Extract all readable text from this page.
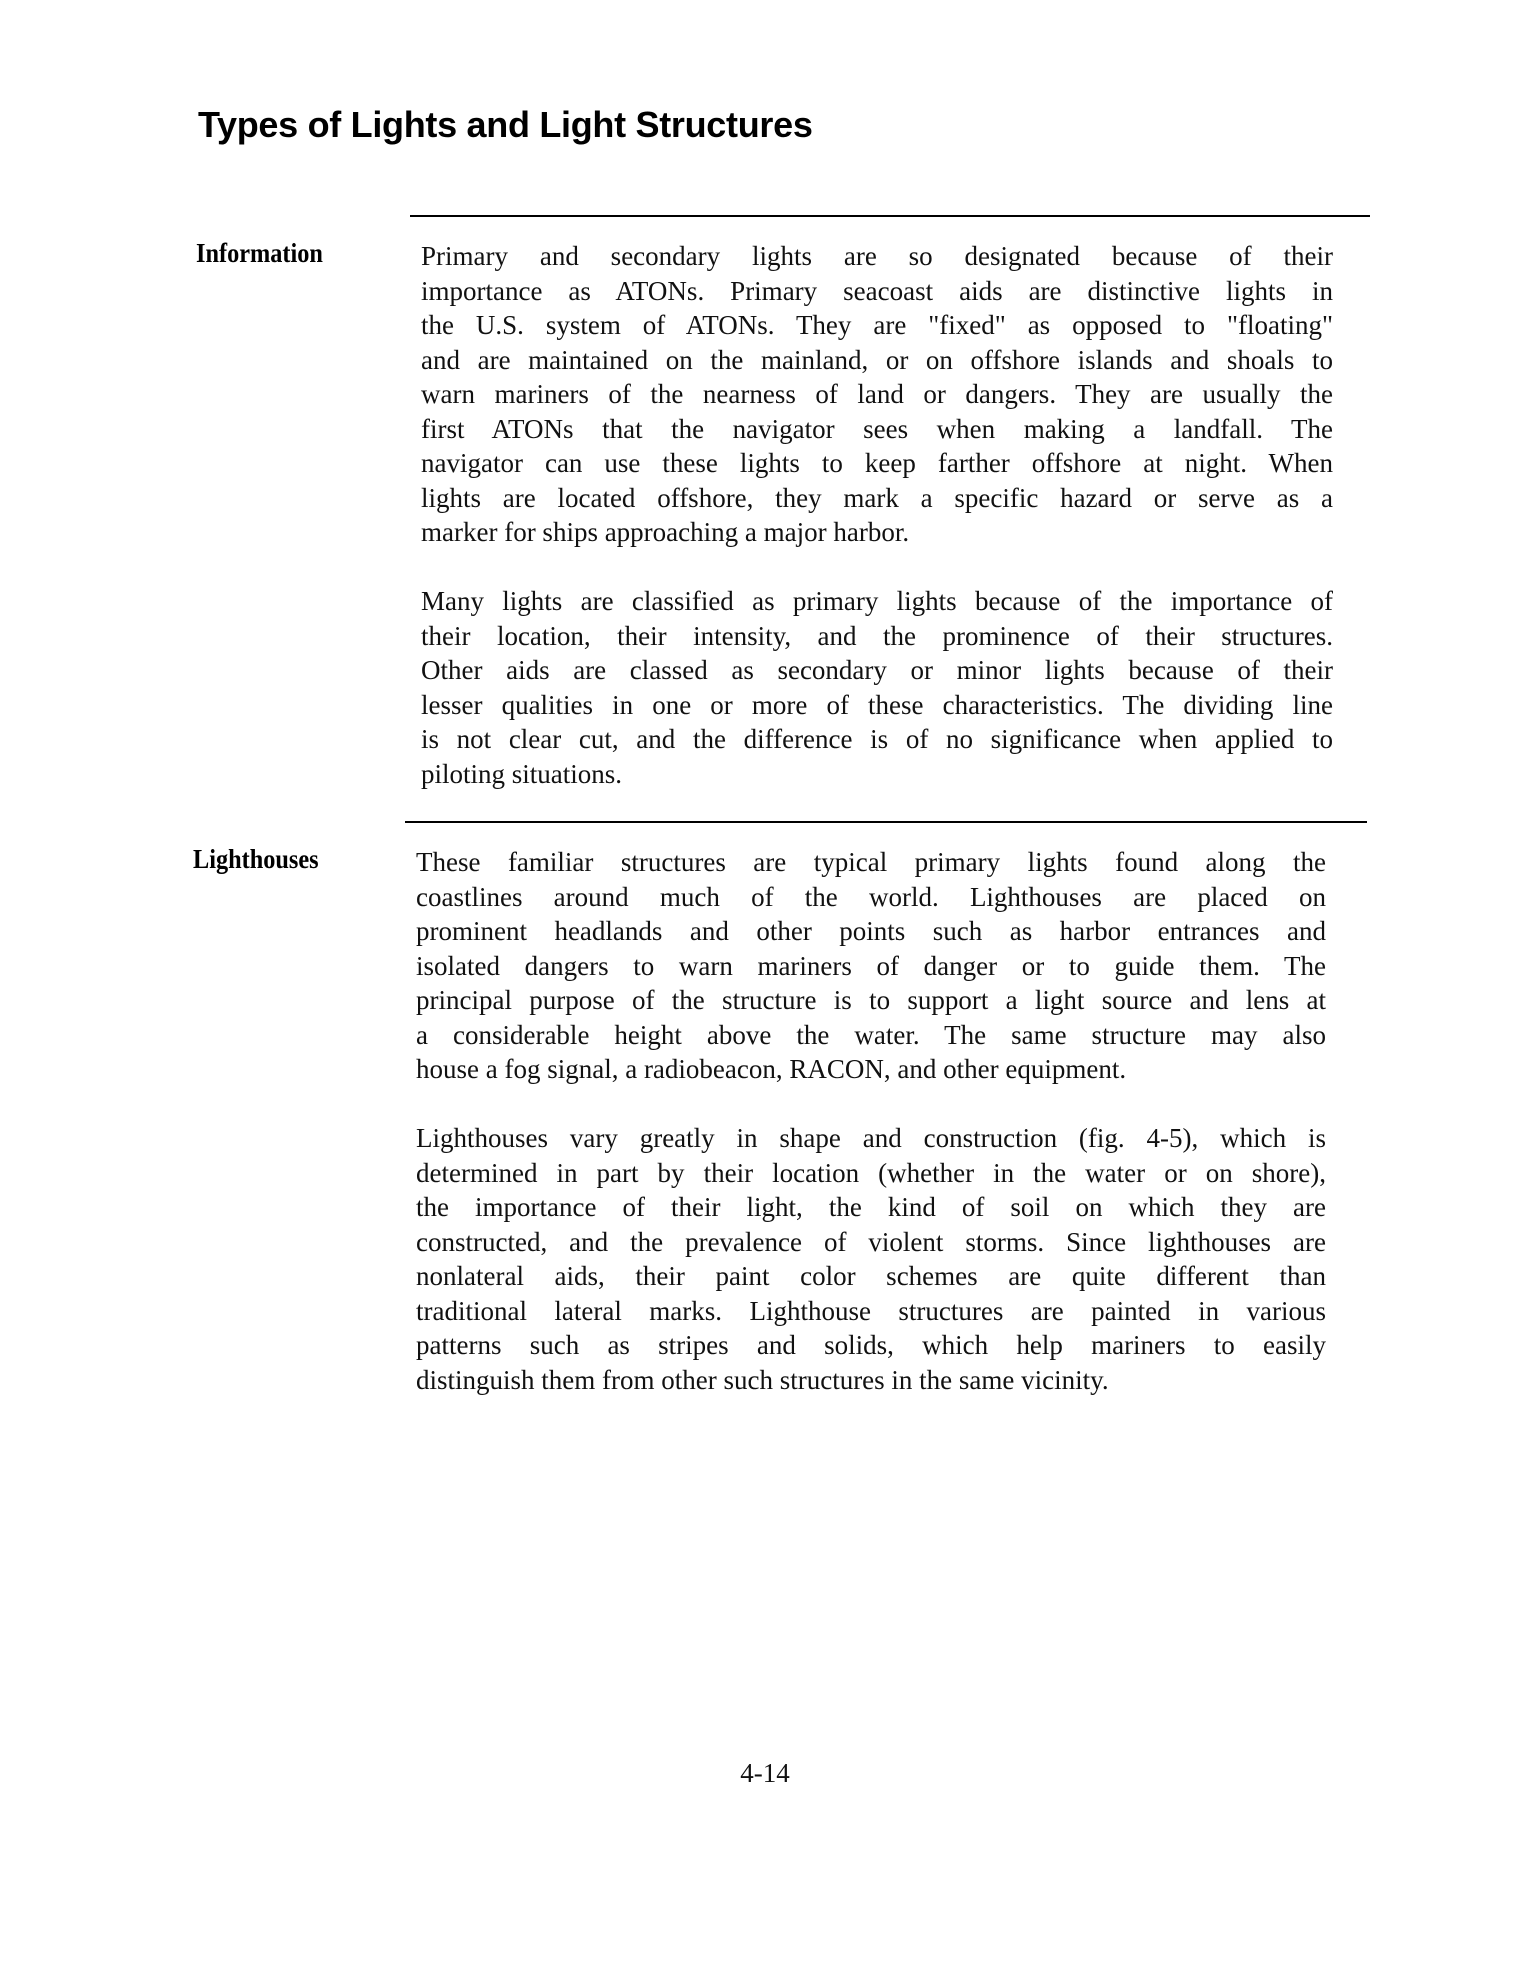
Types of Lights and Light Structures
Information	Primary and secondary lights are so designated because of their
importance as ATONs. Primary seacoast aids are distinctive lights in
the U.S. system of ATONs. They are "fixed" as opposed to "floating"
and are maintained on the mainland, or on offshore islands and shoals to
warn mariners of the nearness of land or dangers. They are usually the
first ATONs that the navigator sees when making a landfall. The
navigator can use these lights to keep farther offshore at night. When
lights are located offshore, they mark a specific hazard or serve as a
marker for ships approaching a major harbor.

Many lights are classified as primary lights because of the importance of
their location, their intensity, and the prominence of their structures.
Other aids are classed as secondary or minor lights because of their
lesser qualities in one or more of these characteristics. The dividing line
is not clear cut, and the difference is of no significance when applied to
piloting situations.

Lighthouses	These familiar structures are typical primary lights found along the
coastlines around much of the world. Lighthouses are placed on
prominent headlands and other points such as harbor entrances and
isolated dangers to warn mariners of danger or to guide them. The
principal purpose of the structure is to support a light source and lens at
a considerable height above the water. The same structure may also
house a fog signal, a radiobeacon, RACON, and other equipment.

Lighthouses vary greatly in shape and construction (fig. 4-5), which is
determined in part by their location (whether in the water or on shore),
the importance of their light, the kind of soil on which they are
constructed, and the prevalence of violent storms. Since lighthouses are
nonlateral aids, their paint color schemes are quite different than
traditional lateral marks. Lighthouse structures are painted in various
patterns such as stripes and solids, which help mariners to easily
distinguish them from other such structures in the same vicinity.

4-14
